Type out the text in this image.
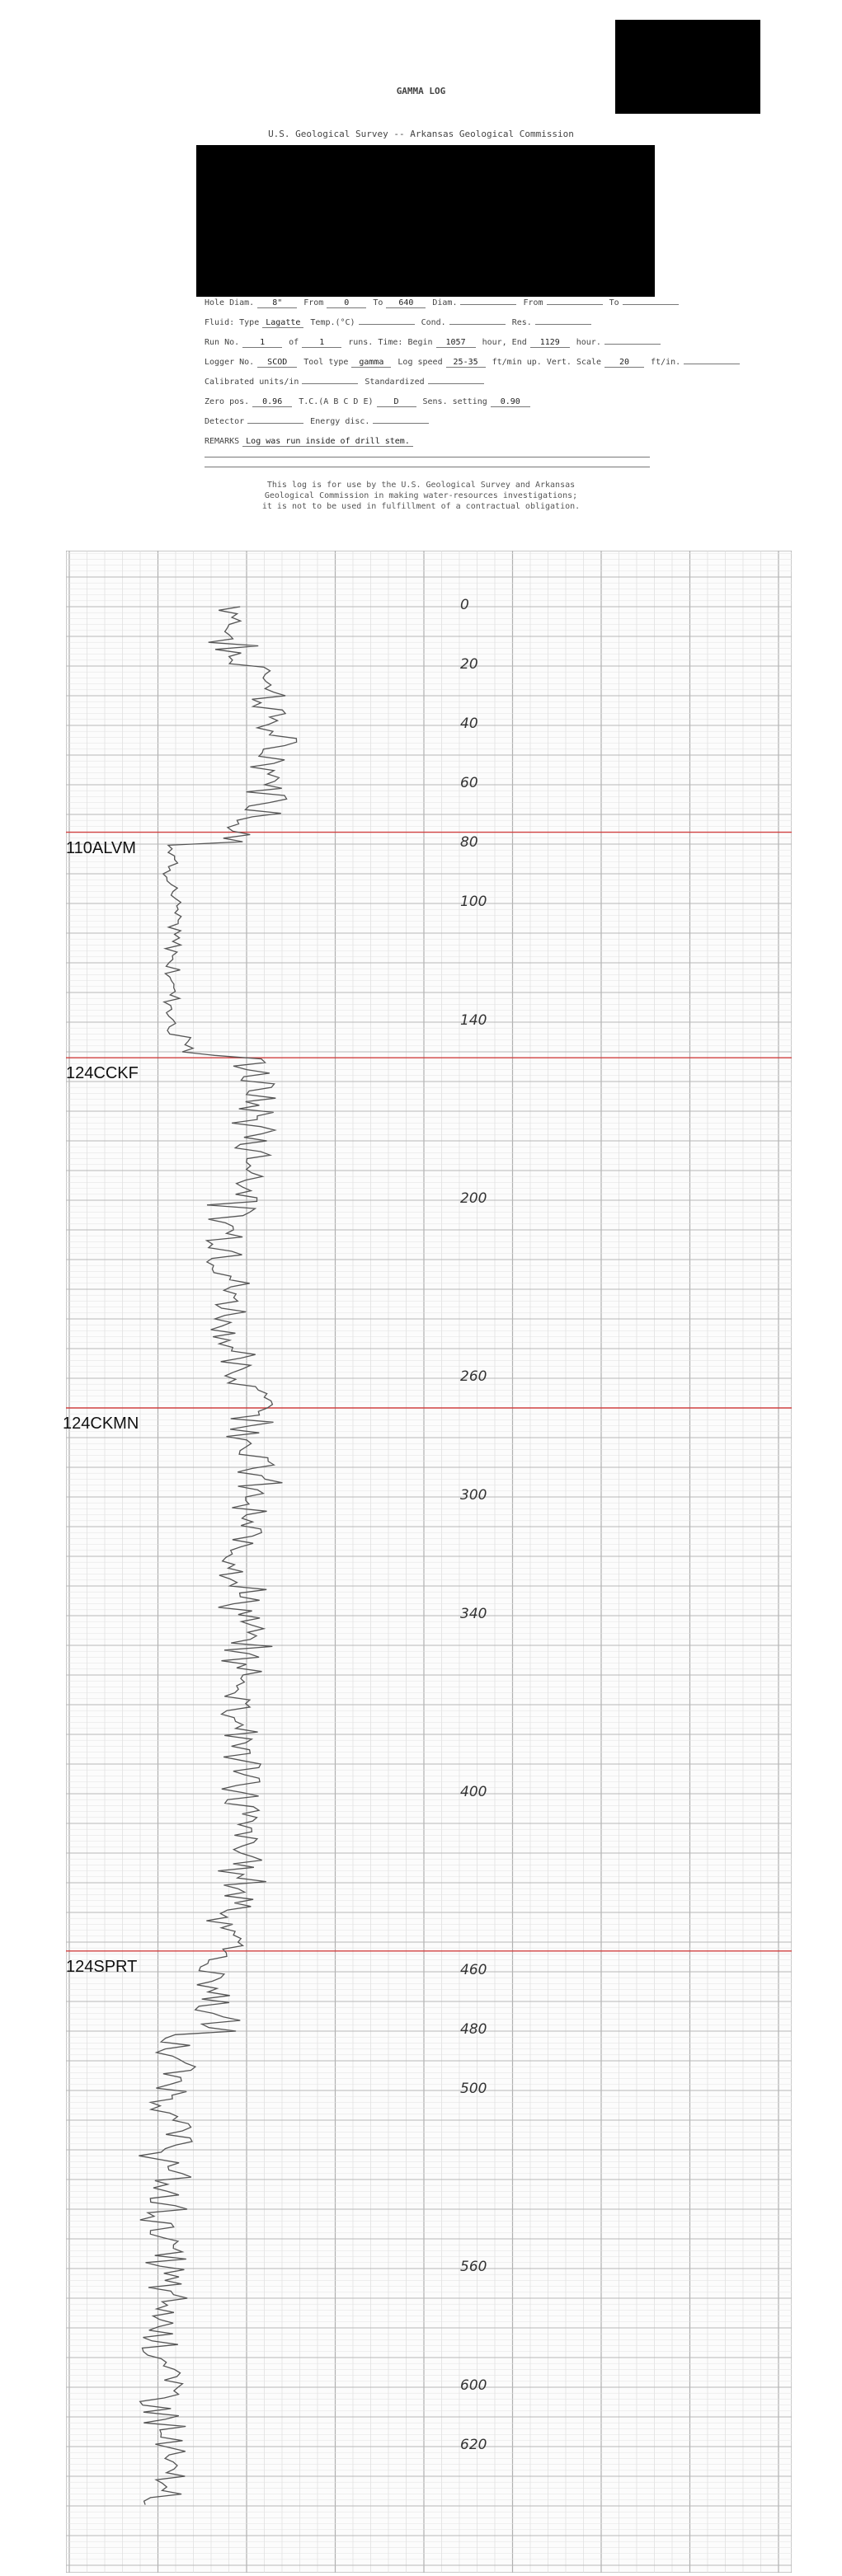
GAMMA LOG
U.S. Geological Survey -- Arkansas Geological Commission
Hole Diam. 8"	From 0	To 640 Diam.	From	To
Fluid: Type Lagatte Temp.(°C)	Cond.	Res.
Run No. 1	of 1	runs. Time: Begin 1057 hour, End 1129 hour.
Logger No. SCOD Tool type gamma Log speed 25-35 ft/min up. Vert. Scale 20	ft/in.
Calibrated units/in	Standardized
Zero pos. 0.96 T.C.(A B C D E) D	Sens. setting 0.90
Detector	Energy disc.
REMARKS Log was run inside of drill stem.
This log is for use by the U.S. Geological Survey and Arkansas
Geological Commission in making water-resources investigations;
it is not to be used in fulfillment of a contractual obligation.
0
20
40
60
80
100
140
200
260
300
340
400
460
480
500
560
600
620
110ALVM
124CCKF
124CKMN
124SPRT
